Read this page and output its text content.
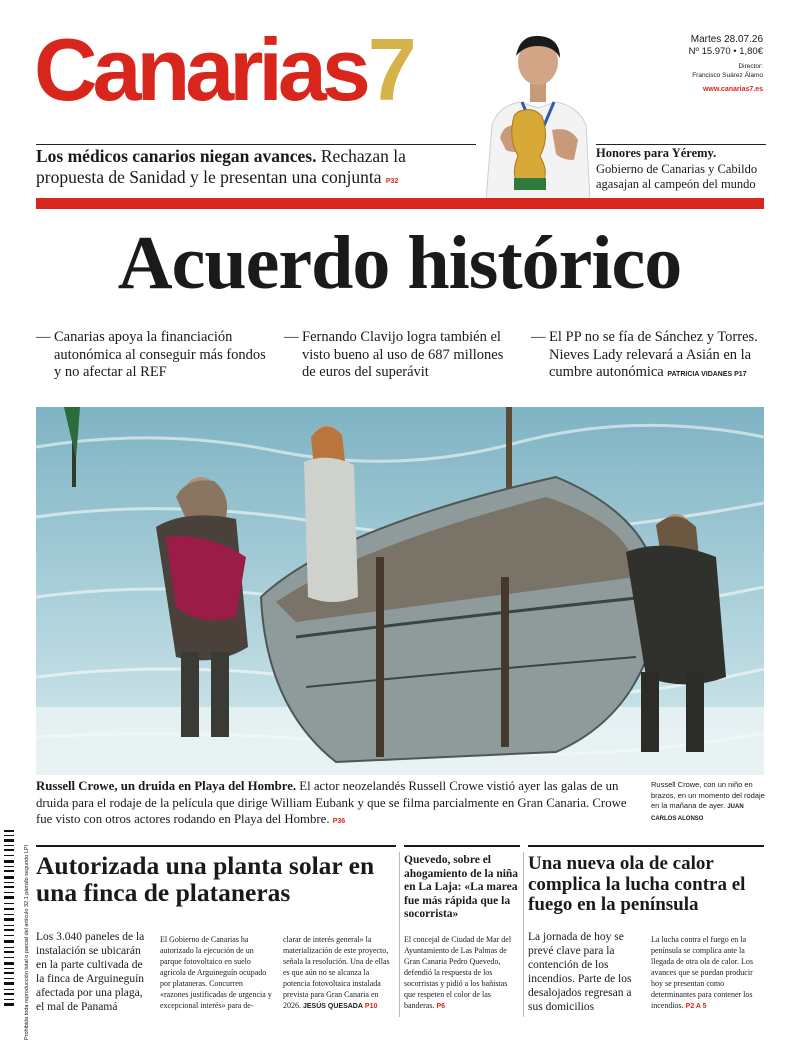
Canarias7	Martes 28.07.26
Nº 15.970 • 1,80€
Director:
Francisco Suárez Álamo
www.canarias7.es
Los médicos canarios niegan avances. Rechazan la propuesta de Sanidad y le presentan una conjunta P32
Honores para Yéremy. Gobierno de Canarias y Cabildo agasajan al campeón del mundo
Acuerdo histórico
— Canarias apoya la financiación autonómica al conseguir más fondos y no afectar al REF
— Fernando Clavijo logra también el visto bueno al uso de 687 millones de euros del superávit
— El PP no se fía de Sánchez y Torres. Nieves Lady relevará a Asián en la cumbre autonómica PATRICIA VIDANES P17
Russell Crowe, un druida en Playa del Hombre. El actor neozelandés Russell Crowe vistió ayer las galas de un druida para el rodaje de la película que dirige William Eubank y que se filma parcialmente en Gran Canaria. Crowe fue visto con otros actores rodando en Playa del Hombre. P36
Russell Crowe, con un niño en brazos, en un momento del rodaje en la mañana de ayer. JUAN CARLOS ALONSO
Prohibida toda reproducción total o parcial del artículo 32.1 párrafo segundo LPI Autorizada una planta solar en una finca de plataneras
Los 3.040 paneles de la instalación se ubicarán en la parte cultivada de la finca de Arguineguín afectada por una plaga, el mal de Panamá
El Gobierno de Canarias ha autorizado la ejecución de un parque fotovoltaico en suelo agrícola de Arguineguín ocupado por plataneras. Concurren «razones justificadas de urgencia y excepcional interés» para de-
clarar de interés general» la materialización de este proyecto, señala la resolución. Una de ellas es que aún no se alcanza la potencia fotovoltaica instalada prevista para Gran Canaria en 2026. JESÚS QUESADA P10
Quevedo, sobre el ahogamiento de la niña en La Laja: «La marea fue más rápida que la socorrista»
El concejal de Ciudad de Mar del Ayuntamiento de Las Palmas de Gran Canaria Pedro Quevedo, defendió la respuesta de los socorristas y pidió a los bañistas que respeten el color de las banderas. P6
Una nueva ola de calor complica la lucha contra el fuego en la península
La jornada de hoy se prevé clave para la contención de los incendios. Parte de los desalojados regresan a sus domicilios
La lucha contra el fuego en la península se complica ante la llegada de otra ola de calor. Los avances que se puedan producir hoy se presentan como determinantes para contener los incendios. P2 A 5
